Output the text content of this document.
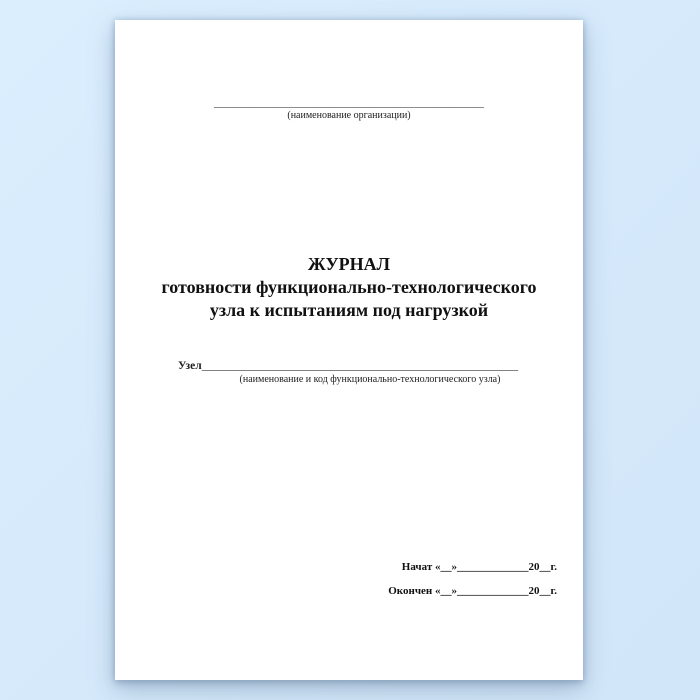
______________________________________________________
(наименование организации)
ЖУРНАЛ
готовности функционально-технологического
узла к испытаниям под нагрузкой
Узел_______________________________________________________
(наименование и код функционально-технологического узла)
Начат «__»_____________20__г.
Окончен «__»_____________20__г.
